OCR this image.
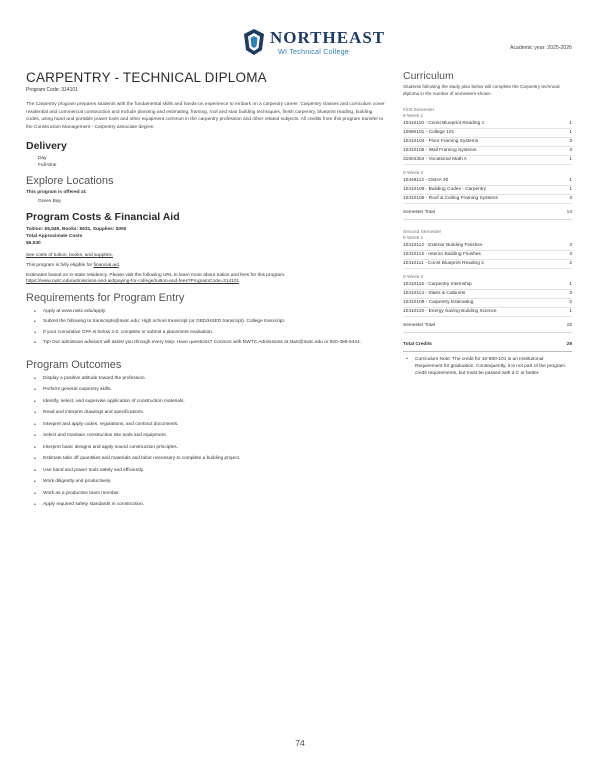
NORTHEAST
WI Technical College	Academic year: 2025-2026
CARPENTRY - TECHNICAL DIPLOMA
Program Code: 314101

The Carpentry program prepares students with the fundamental skills and hands-on experience to embark on a carpentry career. Carpentry classes and curriculum cover residential and commercial construction and include planning and estimating, framing, roof and stair building techniques, finish carpentry, blueprint reading, building codes, using hand and portable power tools and other equipment common in the carpentry profession and other related subjects. All credits from this program transfer to the Construction Management - Carpentry associate degree.

Delivery
Day
Full-time
Explore Locations
This program is offered at:
Green Bay
Program Costs & Financial Aid
Tuition: $5,549, Books: $631, Supplies: $350
Total Approximate Costs
$6,530
See costs of tuition, books, and supplies.
This program is fully eligible for financial aid.
Estimates based on in-state residency. Please visit the following URL to learn more about tuition and fees for this program.
https://www.nwtc.edu/admissions-and-aid/paying-for-college/tuition-and-fees?ProgramCode=314101
Requirements for Program Entry
• Apply at www.nwtc.edu/apply.
• Submit the following to transcripts@nwtc.edu: High school transcript (or GED/HSED transcript). College transcript.
• If your cumulative GPA is below 2.6, complete or submit a placement evaluation.
• Tip! Our admission advisors will assist you through every step. Have questions? Connect with NWTC Admissions at start@nwtc.edu or 920-498-5444.
Program Outcomes
• Display a positive attitude toward the profession.
• Perform general carpentry skills.
• Identify, select, and supervise application of construction materials.
• Read and interpret drawings and specifications.
• Interpret and apply codes, regulations, and contract documents.
• Select and maintain construction site tools and equipment.
• Interpret basic designs and apply sound construction principles.
• Estimate take off quantities and materials and labor necessary to complete a building project.
• Use hand and power tools safely and efficiently.
• Work diligently and productively.
• Work as a productive team member.
• Apply required safety standards in construction.
Curriculum
Students following the study plan below will complete the Carpentry technical diploma in the number of semesters shown.
First Semester
8 Week 1
10410110 - Const Blueprint Reading 1	1
10890101 - College 101	1
10410104 - Floor Framing Systems	3
10410105 - Wall Framing Systems	3
31804304 - Vocational Math A	1
8 Week 2
10449112 - OSHA 30	1
10410108 - Building Codes - Carpentry	1
10410106 - Roof & Ceiling Framing Systems	3
Semester Total	14
Second Semester
8 Week 1
10410112 - Exterior Building Finishes	3
10410113 - Interior Building Finishes	3
10410111 - Const Blueprint Reading 2	2
8 Week 2
10410115 - Carpentry Internship	1
10410114 - Stairs & Cabinets	3
10410109 - Carpentry Estimating	2
10410120 - Energy Saving Building Science	1
Semester Total	15
Total Credits	29
• Curriculum Note: The credit for 10-890-101 is an Institutional Requirement for graduation. Consequently, it is not part of the program credit requirements, but must be passed with a C or better.
74
